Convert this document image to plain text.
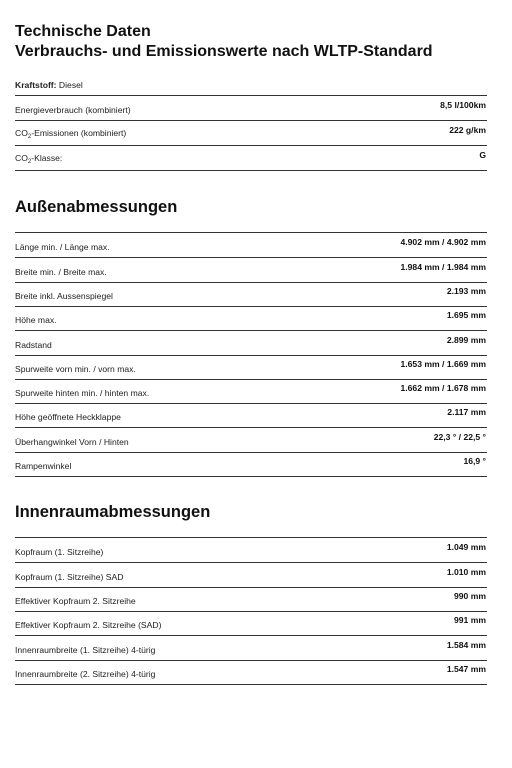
Technische Daten
Verbrauchs- und Emissionswerte nach WLTP-Standard
Kraftstoff: Diesel
Energieverbrauch (kombiniert)	8,5 l/100km
$CO_2$-Emissionen (kombiniert)	222 g/km
$CO_2$-Klasse:	G
Außenabmessungen
Länge min. / Länge max.	4.902 mm / 4.902 mm
Breite min. / Breite max.	1.984 mm / 1.984 mm
Breite inkl. Aussenspiegel	2.193 mm
Höhe max.	1.695 mm
Radstand	2.899 mm
Spurweite vorn min. / vorn max.	1.653 mm / 1.669 mm
Spurweite hinten min. / hinten max.	1.662 mm / 1.678 mm
Höhe geöffnete Heckklappe	2.117 mm
Überhangwinkel Vorn / Hinten	22,3 ° / 22,5 °
Rampenwinkel	16,9 °
Innenraumabmessungen
Kopfraum (1. Sitzreihe)	1.049 mm
Kopfraum (1. Sitzreihe) SAD	1.010 mm
Effektiver Kopfraum 2. Sitzreihe	990 mm
Effektiver Kopfraum 2. Sitzreihe (SAD)	991 mm
Innenraumbreite (1. Sitzreihe) 4-türig	1.584 mm
Innenraumbreite (2. Sitzreihe) 4-türig	1.547 mm
